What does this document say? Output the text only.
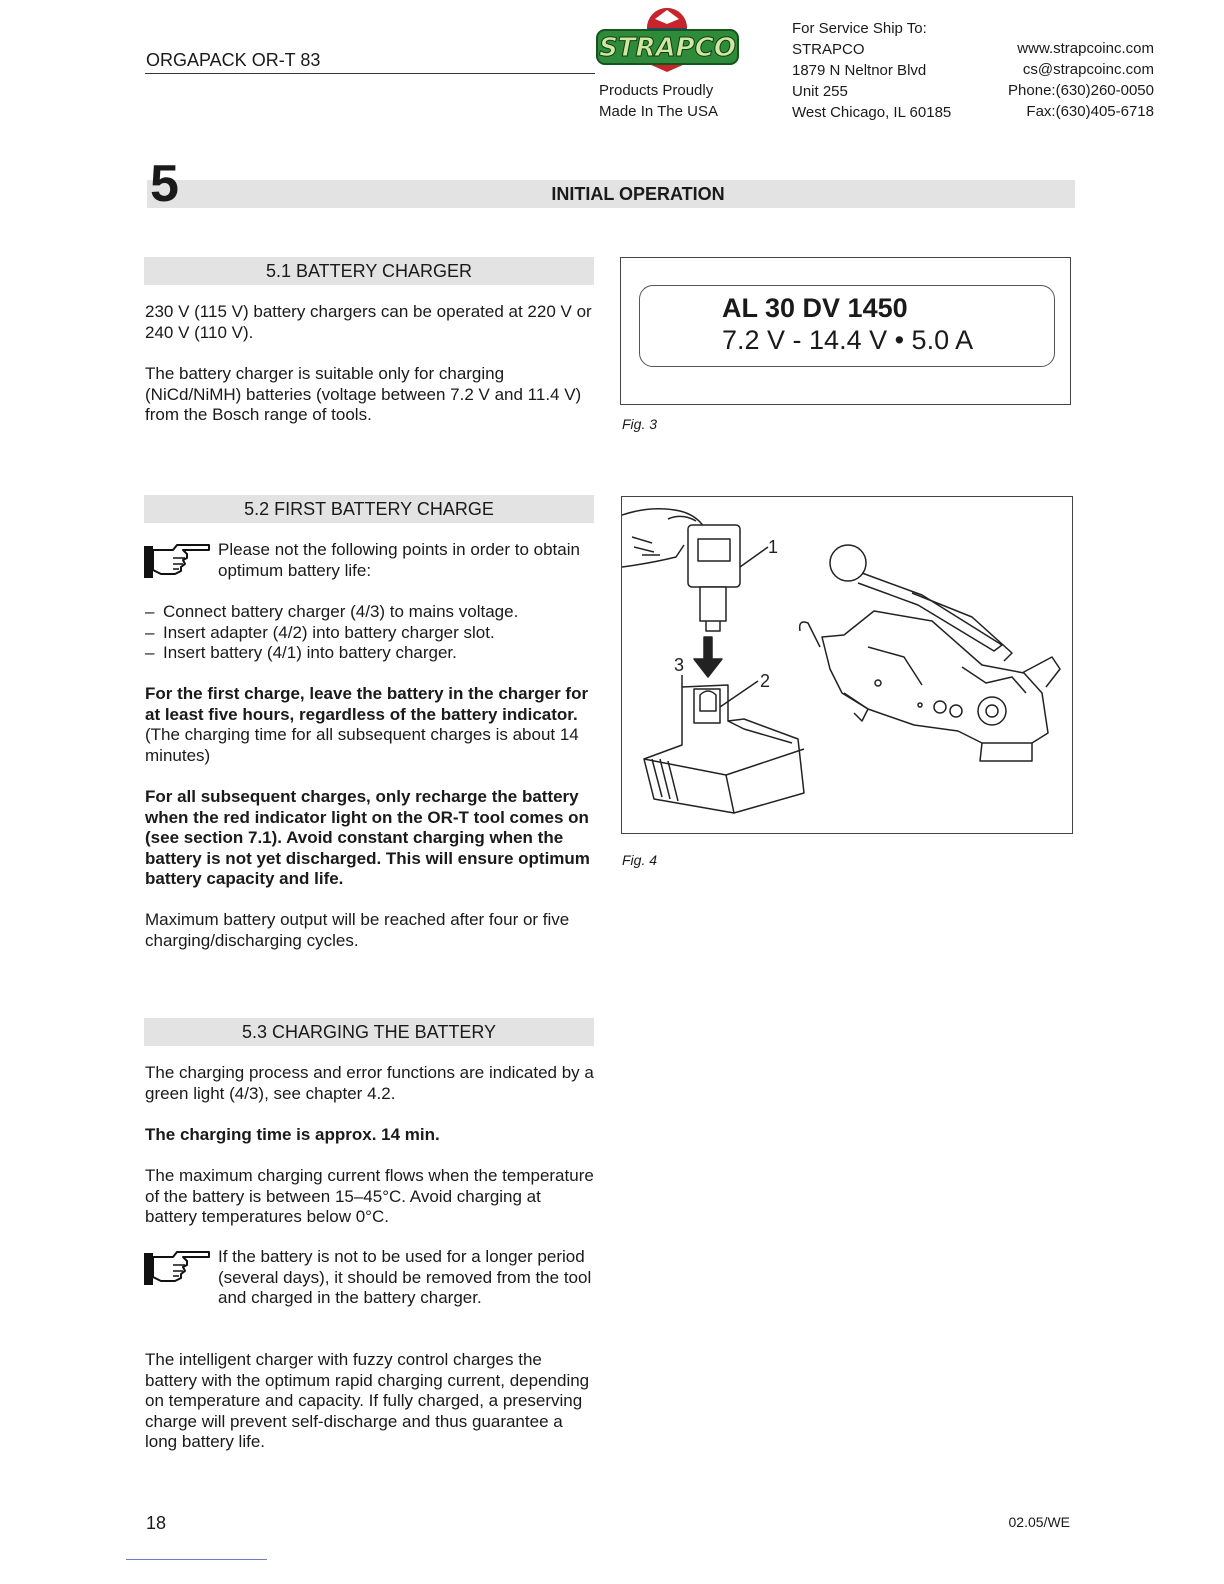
ORGAPACK OR-T 83	STRAPCO
Products Proudly
Made In The USA
For Service Ship To:
STRAPCO
1879 N Neltnor Blvd
Unit 255
West Chicago, IL 60185
www.strapcoinc.com
cs@strapcoinc.com
Phone:(630)260-0050
Fax:(630)405-6718
5	INITIAL OPERATION
5.1 BATTERY CHARGER

230 V (115 V) battery chargers can be operated at 220 V or 240 V (110 V).

The battery charger is suitable only for charging (NiCd/NiMH) batteries (voltage between 7.2 V and 11.4 V) from the Bosch range of tools.

AL 30 DV 1450
7.2 V - 14.4 V • 5.0 A
Fig. 3
5.2 FIRST BATTERY CHARGE

Please not the following points in order to obtain optimum battery life:

– Connect battery charger (4/3) to mains voltage.
– Insert adapter (4/2) into battery charger slot.
– Insert battery (4/1) into battery charger.

For the first charge, leave the battery in the charger for at least five hours, regardless of the battery indicator. (The charging time for all subsequent charges is about 14 minutes)

For all subsequent charges, only recharge the battery when the red indicator light on the OR-T tool comes on (see section 7.1). Avoid constant charging when the battery is not yet discharged. This will ensure optimum battery capacity and life.

Maximum battery output will be reached after four or five charging/discharging cycles.

1
2
3
Fig. 4
5.3 CHARGING THE BATTERY

The charging process and error functions are indicated by a green light (4/3), see chapter 4.2.

The charging time is approx. 14 min.

The maximum charging current flows when the temperature of the battery is between 15–45°C. Avoid charging at battery temperatures below 0°C.

If the battery is not to be used for a longer period (several days), it should be removed from the tool and charged in the battery charger.

The intelligent charger with fuzzy control charges the battery with the optimum rapid charging current, depending on temperature and capacity. If fully charged, a preserving charge will prevent self-discharge and thus guarantee a long battery life.

18	02.05/WE
